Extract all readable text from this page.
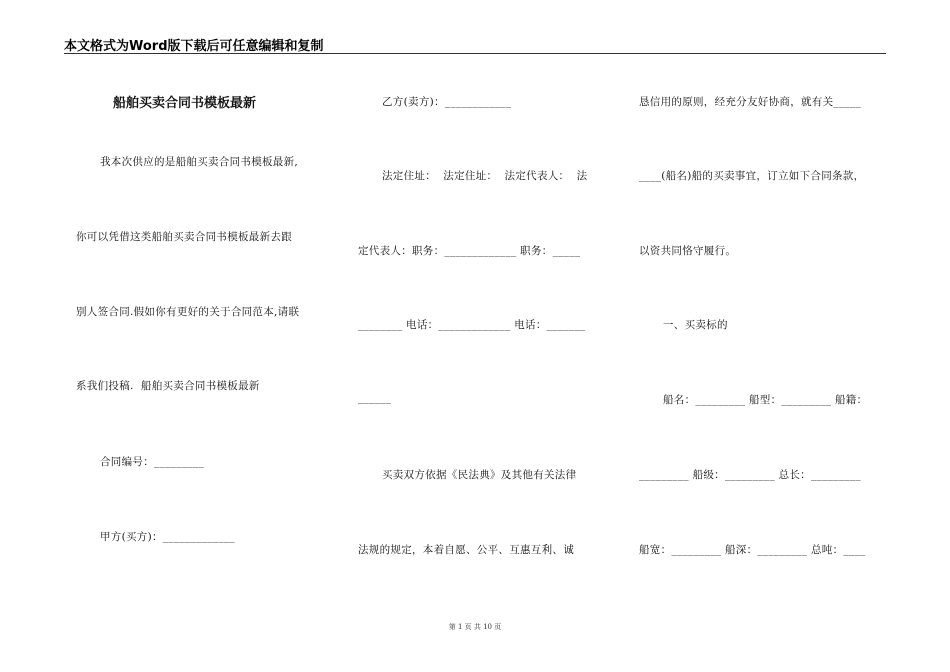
本文格式为Word版下载后可任意编辑和复制
船舶买卖合同书模板最新
我本次供应的是船舶买卖合同书模板最新,
你可以凭借这类船舶买卖合同书模板最新去跟
别人签合同.假如你有更好的关于合同范本,请联
系我们投稿.  船舶买卖合同书模板最新
合同编号：_________
甲方(买方)：_____________
乙方(卖方)：____________
法定住址：  法定住址：  法定代表人：  法
定代表人：职务：_____________ 职务：_____
________ 电话：_____________ 电话：_______
______
买卖双方依据《民法典》及其他有关法律
法规的规定，本着自愿、公平、互惠互利、诚
恳信用的原则，经充分友好协商，就有关_____
____(船名)船的买卖事宜，订立如下合同条款，
以资共同恪守履行。
一、买卖标的
船名：_________ 船型：_________ 船籍：
_________ 船级：_________ 总长：_________
船宽：_________ 船深：_________ 总吨：____
第 1 页 共 10 页
